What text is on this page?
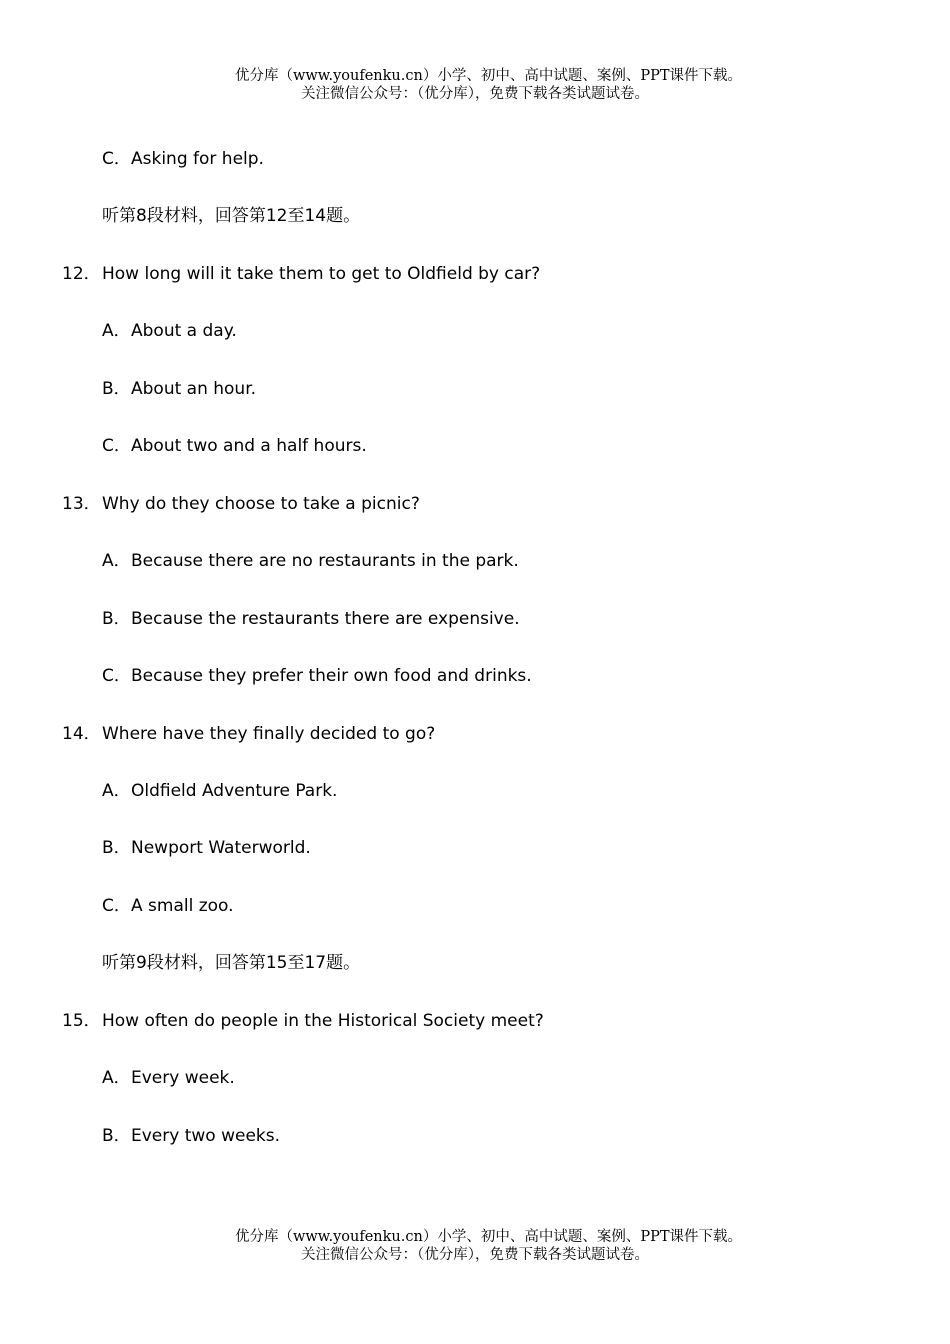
优分库（www.youfenku.cn）小学、初中、高中试题、案例、PPT课件下载。
关注微信公众号：（优分库），免费下载各类试题试卷。
C． Asking for help.
听第8段材料，回答第12至14题。
12． How long will it take them to get to Oldfield by car?
A． About a day.
B． About an hour.
C． About two and a half hours.
13． Why do they choose to take a picnic?
A． Because there are no restaurants in the park.
B． Because the restaurants there are expensive.
C． Because they prefer their own food and drinks.
14． Where have they finally decided to go?
A． Oldfield Adventure Park.
B． Newport Waterworld.
C． A small zoo.
听第9段材料，回答第15至17题。
15． How often do people in the Historical Society meet?
A． Every week.
B． Every two weeks.
优分库（www.youfenku.cn）小学、初中、高中试题、案例、PPT课件下载。
关注微信公众号：（优分库），免费下载各类试题试卷。
